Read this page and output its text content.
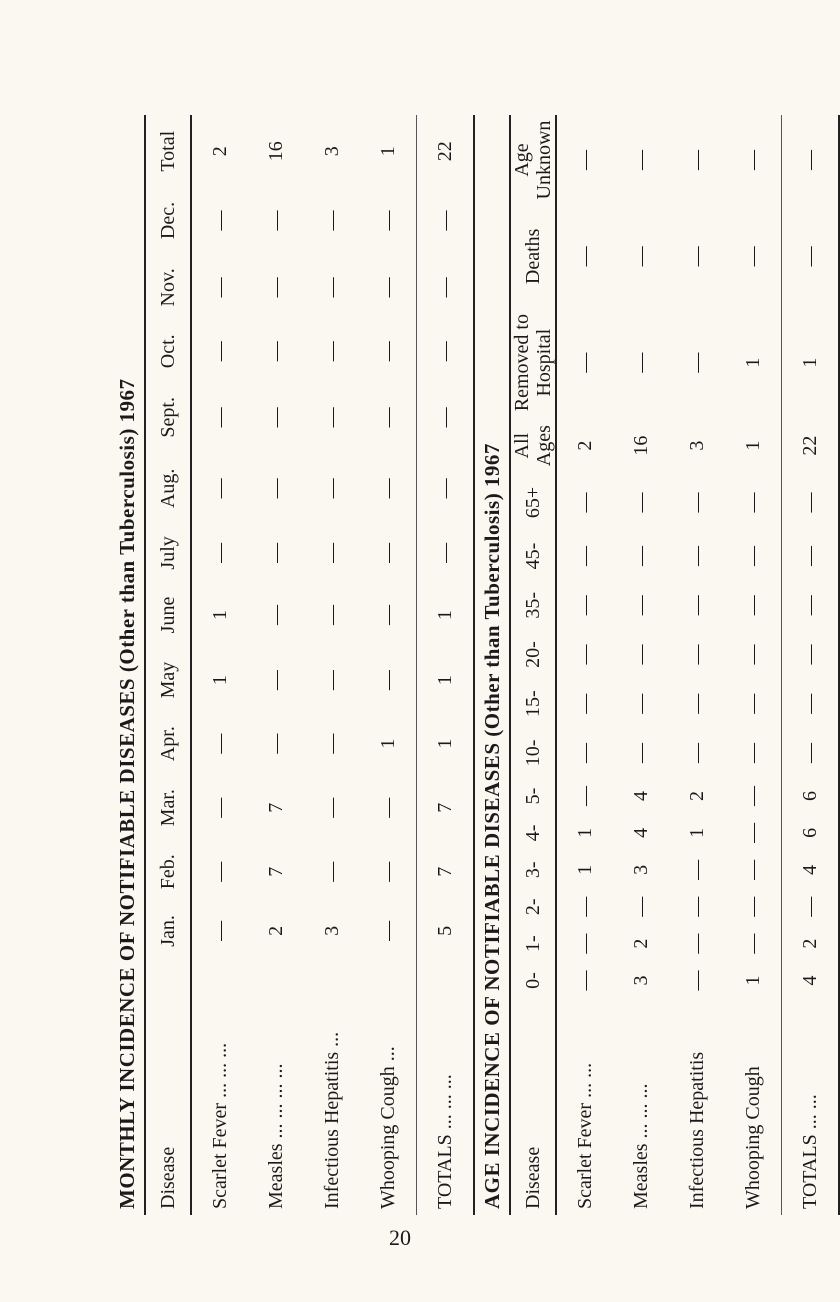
MONTHLY INCIDENCE OF NOTIFIABLE DISEASES (Other than Tuberculosis) 1967 Disease	Jan.	Feb.	Mar.	Apr.	May	June	July	Aug.	Sept.	Oct.	Nov.	Dec.	Total
Scarlet Fever ... ... ...	—	—	—	—	1	1	—	—	—	—	—	—	2
Measles ... ... ... ...	2	7	7	—	—	—	—	—	—	—	—	—	16
Infectious Hepatitis ...	3	—	—	—	—	—	—	—	—	—	—	—	3
Whooping Cough ...	—	—	—	1	—	—	—	—	—	—	—	—	1
TOTALS ... ... ...	5	7	7	1	1	1	—	—	—	—	—	—	22
AGE INCIDENCE OF NOTIFIABLE DISEASES (Other than Tuberculosis) 1967 Disease	0-	1-	2-	3-	4-	5-	10-	15-	20-	35-	45-	65+	All Ages	Removed to Hospital	Deaths	Age Unknown
Scarlet Fever ... ...	—	—	—	1	1	—	—	—	—	—	—	—	2	—	—	—
Measles ... ... ...	3	2	—	3	4	4	—	—	—	—	—	—	16	—	—	—
Infectious Hepatitis	—	—	—	—	1	2	—	—	—	—	—	—	3	—	—	—
Whooping Cough	1	—	—	—	—	—	—	—	—	—	—	—	1	1	—	—
TOTALS ... ...	4	2	—	4	6	6	—	—	—	—	—	—	22	1	—	—
20
